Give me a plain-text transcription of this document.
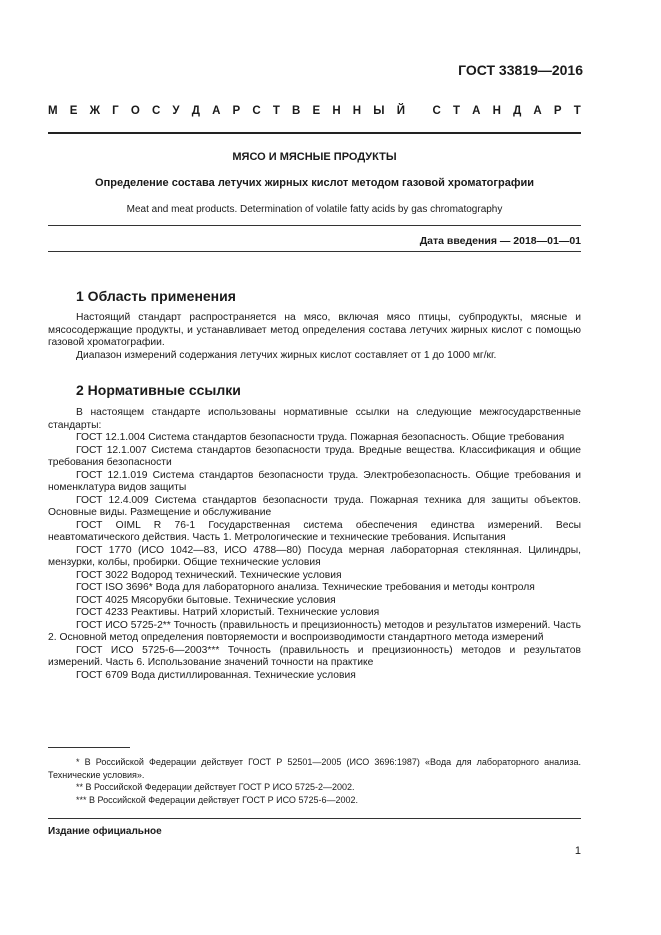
ГОСТ 33819—2016
М Е Ж Г О С У Д А Р С Т В Е Н Н Ы Й
С Т А Н Д А Р Т
МЯСО И МЯСНЫЕ ПРОДУКТЫ
Определение состава летучих жирных кислот методом газовой хроматографии
Meat and meat products. Determination of volatile fatty acids by gas chromatography
Дата введения — 2018—01—01
1 Область применения

Настоящий стандарт распространяется на мясо, включая мясо птицы, субпродукты, мясные и мясосодержащие продукты, и устанавливает метод определения состава летучих жирных кислот с помощью газовой хроматографии.

Диапазон измерений содержания летучих жирных кислот составляет от 1 до 1000 мг/кг.

2 Нормативные ссылки

В настоящем стандарте использованы нормативные ссылки на следующие межгосударственные стандарты:

ГОСТ 12.1.004 Система стандартов безопасности труда. Пожарная безопасность. Общие требования

ГОСТ 12.1.007 Система стандартов безопасности труда. Вредные вещества. Классификация и общие требования безопасности

ГОСТ 12.1.019 Система стандартов безопасности труда. Электробезопасность. Общие требования и номенклатура видов защиты

ГОСТ 12.4.009 Система стандартов безопасности труда. Пожарная техника для защиты объектов. Основные виды. Размещение и обслуживание

ГОСТ OIML R 76-1 Государственная система обеспечения единства измерений. Весы неавтоматического действия. Часть 1. Метрологические и технические требования. Испытания

ГОСТ 1770 (ИСО 1042—83, ИСО 4788—80) Посуда мерная лабораторная стеклянная. Цилиндры, мензурки, колбы, пробирки. Общие технические условия

ГОСТ 3022 Водород технический. Технические условия

ГОСТ ISO 3696* Вода для лабораторного анализа. Технические требования и методы контроля

ГОСТ 4025 Мясорубки бытовые. Технические условия

ГОСТ 4233 Реактивы. Натрий хлористый. Технические условия

ГОСТ ИСО 5725-2** Точность (правильность и прецизионность) методов и результатов измерений. Часть 2. Основной метод определения повторяемости и воспроизводимости стандартного метода измерений

ГОСТ ИСО 5725-6—2003*** Точность (правильность и прецизионность) методов и результатов измерений. Часть 6. Использование значений точности на практике

ГОСТ 6709 Вода дистиллированная. Технические условия

* В Российской Федерации действует ГОСТ Р 52501—2005 (ИСО 3696:1987) «Вода для лабораторного анализа. Технические условия».

** В Российской Федерации действует ГОСТ Р ИСО 5725-2—2002.

*** В Российской Федерации действует ГОСТ Р ИСО 5725-6—2002.

Издание официальное
1
